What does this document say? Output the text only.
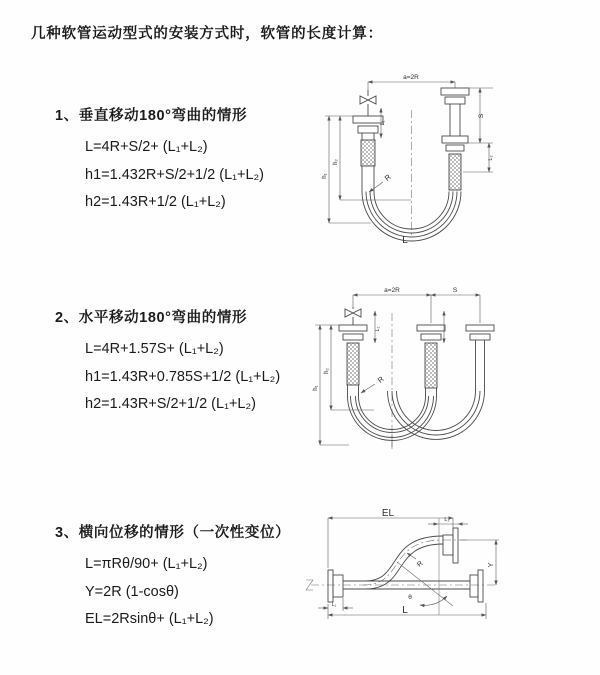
几种软管运动型式的安装方式时，软管的长度计算：
1、垂直移动180°弯曲的情形
L=4R+S/2+ (L₁+L₂)
h1=1.432R+S/2+1/2 (L₁+L₂)
h2=1.43R+1/2 (L₁+L₂)
2、水平移动180°弯曲的情形
L=4R+1.57S+ (L₁+L₂)
h1=1.43R+0.785S+1/2 (L₁+L₂)
h2=1.43R+S/2+1/2 (L₁+L₂)
3、横向位移的情形（一次性变位）
L=πRθ/90+ (L₁+L₂)
Y=2R (1-cosθ)
EL=2Rsinθ+ (L₁+L₂)
a=2R
L₁
h₁
h₂
S
L₂
R
L
a=2R	S
h₁
h₂
L₁
R
EL
L₂
Y
R
θ
L
L₁
